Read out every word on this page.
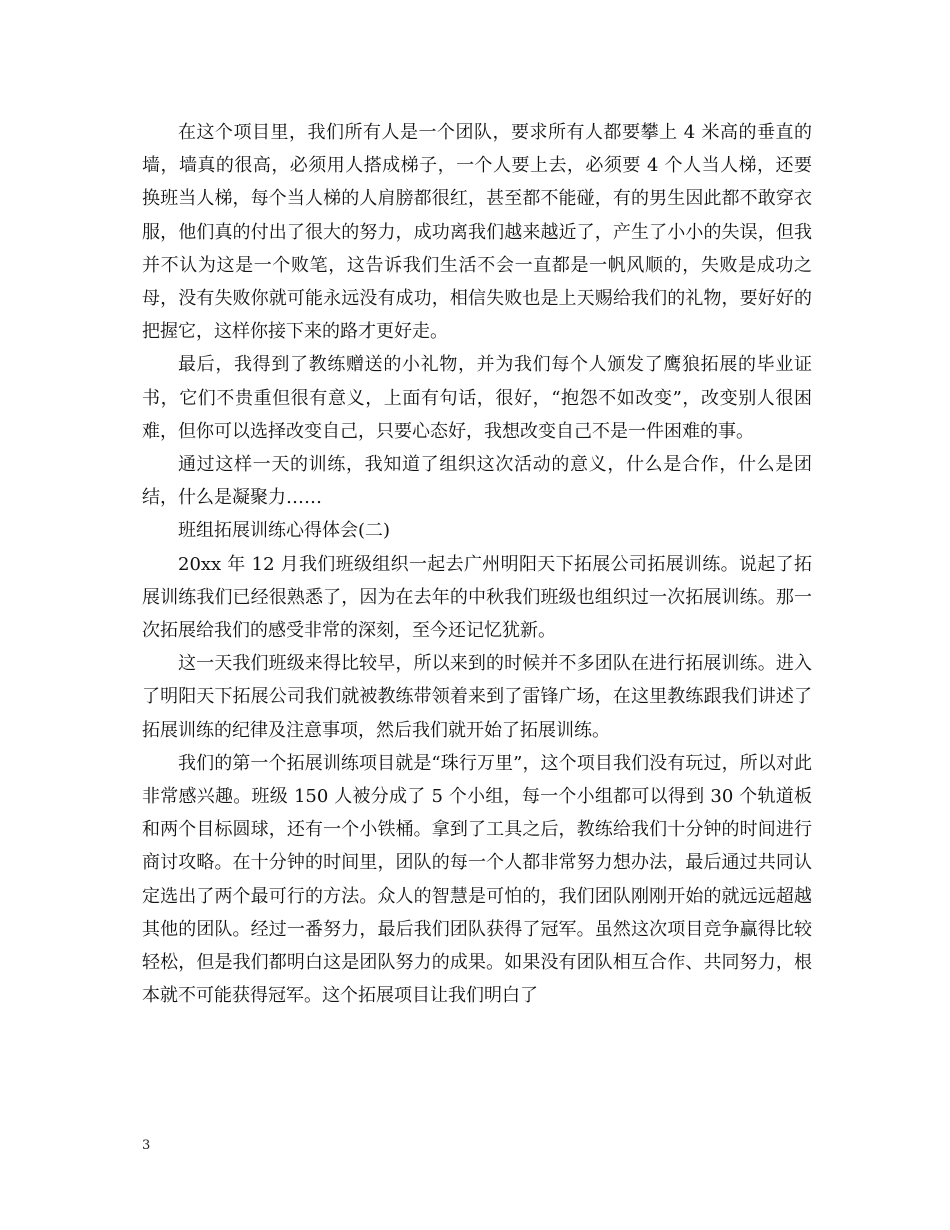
在这个项目里，我们所有人是一个团队，要求所有人都要攀上 4 米高的垂直的墙，墙真的很高，必须用人搭成梯子，一个人要上去，必须要 4 个人当人梯，还要换班当人梯，每个当人梯的人肩膀都很红，甚至都不能碰，有的男生因此都不敢穿衣服，他们真的付出了很大的努力，成功离我们越来越近了，产生了小小的失误，但我并不认为这是一个败笔，这告诉我们生活不会一直都是一帆风顺的，失败是成功之母，没有失败你就可能永远没有成功，相信失败也是上天赐给我们的礼物，要好好的把握它，这样你接下来的路才更好走。

最后，我得到了教练赠送的小礼物，并为我们每个人颁发了鹰狼拓展的毕业证书，它们不贵重但很有意义，上面有句话，很好，“抱怨不如改变”，改变别人很困难，但你可以选择改变自己，只要心态好，我想改变自己不是一件困难的事。

通过这样一天的训练，我知道了组织这次活动的意义，什么是合作，什么是团结，什么是凝聚力……

班组拓展训练心得体会(二)

20xx 年 12 月我们班级组织一起去广州明阳天下拓展公司拓展训练。说起了拓展训练我们已经很熟悉了，因为在去年的中秋我们班级也组织过一次拓展训练。那一次拓展给我们的感受非常的深刻，至今还记忆犹新。

这一天我们班级来得比较早，所以来到的时候并不多团队在进行拓展训练。进入了明阳天下拓展公司我们就被教练带领着来到了雷锋广场，在这里教练跟我们讲述了拓展训练的纪律及注意事项，然后我们就开始了拓展训练。

我们的第一个拓展训练项目就是“珠行万里”，这个项目我们没有玩过，所以对此非常感兴趣。班级 150 人被分成了 5 个小组，每一个小组都可以得到 30 个轨道板和两个目标圆球，还有一个小铁桶。拿到了工具之后，教练给我们十分钟的时间进行商讨攻略。在十分钟的时间里，团队的每一个人都非常努力想办法，最后通过共同认定选出了两个最可行的方法。众人的智慧是可怕的，我们团队刚刚开始的就远远超越其他的团队。经过一番努力，最后我们团队获得了冠军。虽然这次项目竞争赢得比较轻松，但是我们都明白这是团队努力的成果。如果没有团队相互合作、共同努力，根本就不可能获得冠军。这个拓展项目让我们明白了

3
